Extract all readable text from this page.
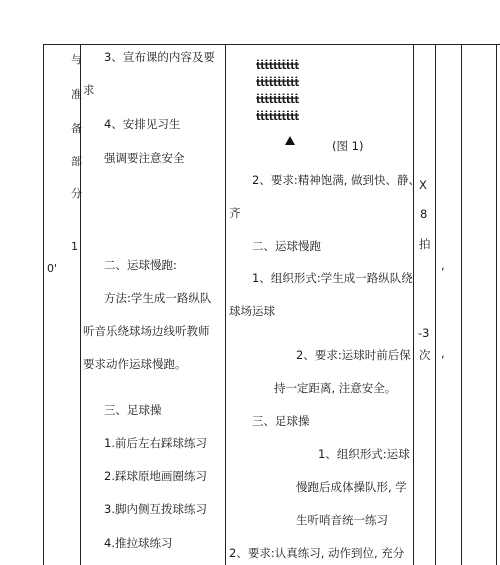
与
准
备
部
分
1
0'
3、宣布课的内容及要
求
4、安排见习生
强调要注意安全
二、运球慢跑:
方法:学生成一路纵队
听音乐绕球场边线听教师
要求动作运球慢跑。
三、足球操
1.前后左右踩球练习
2.踩球原地画圈练习
3.脚内侧互拨球练习
4.推拉球练习
ṫṫṫṫṫṫṫṫṫṫ
ṫṫṫṫṫṫṫṫṫṫ
ṫṫṫṫṫṫṫṫṫṫ
ṫṫṫṫṫṫṫṫṫṫ
(图 1)
2、要求:精神饱满, 做到快、静、
齐
二、运球慢跑
1、组织形式:学生成一路纵队绕
球场运球
2、要求:运球时前后保
持一定距离, 注意安全。
三、足球操
1、组织形式:运球
慢跑后成体操队形, 学
生听哨音统一练习
2、要求:认真练习, 动作到位, 充分
X
8
拍
-3
次
,
,
